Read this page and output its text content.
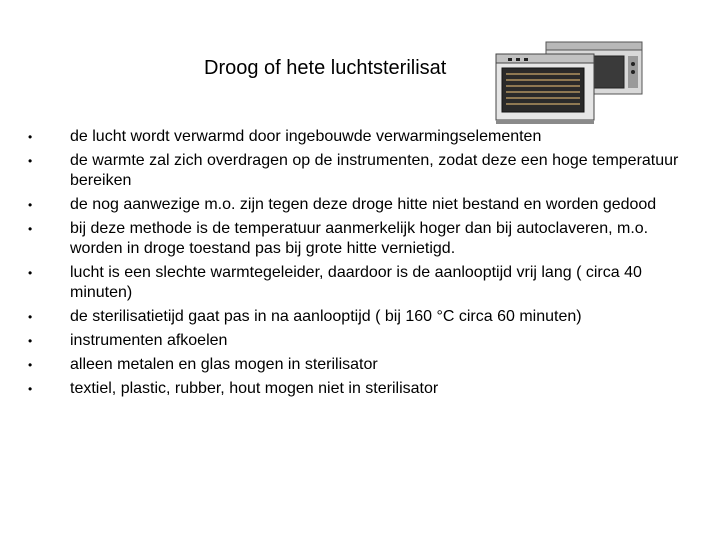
Droog of hete luchtsterilisat
•	de lucht wordt verwarmd door ingebouwde verwarmingselementen
•	de warmte zal zich overdragen op de instrumenten, zodat deze een hoge temperatuur bereiken
•	de nog aanwezige m.o. zijn tegen deze droge hitte niet bestand en worden gedood
•	bij deze methode is de temperatuur aanmerkelijk hoger dan bij autoclaveren, m.o. worden in droge toestand pas bij grote hitte vernietigd.
•	lucht is een slechte warmtegeleider, daardoor is de aanlooptijd vrij lang ( circa 40 minuten)
•	de sterilisatietijd gaat pas in na aanlooptijd ( bij 160 °C circa 60 minuten)
•	instrumenten afkoelen
•	alleen metalen en glas mogen in sterilisator
•	textiel, plastic, rubber, hout mogen niet in sterilisator
